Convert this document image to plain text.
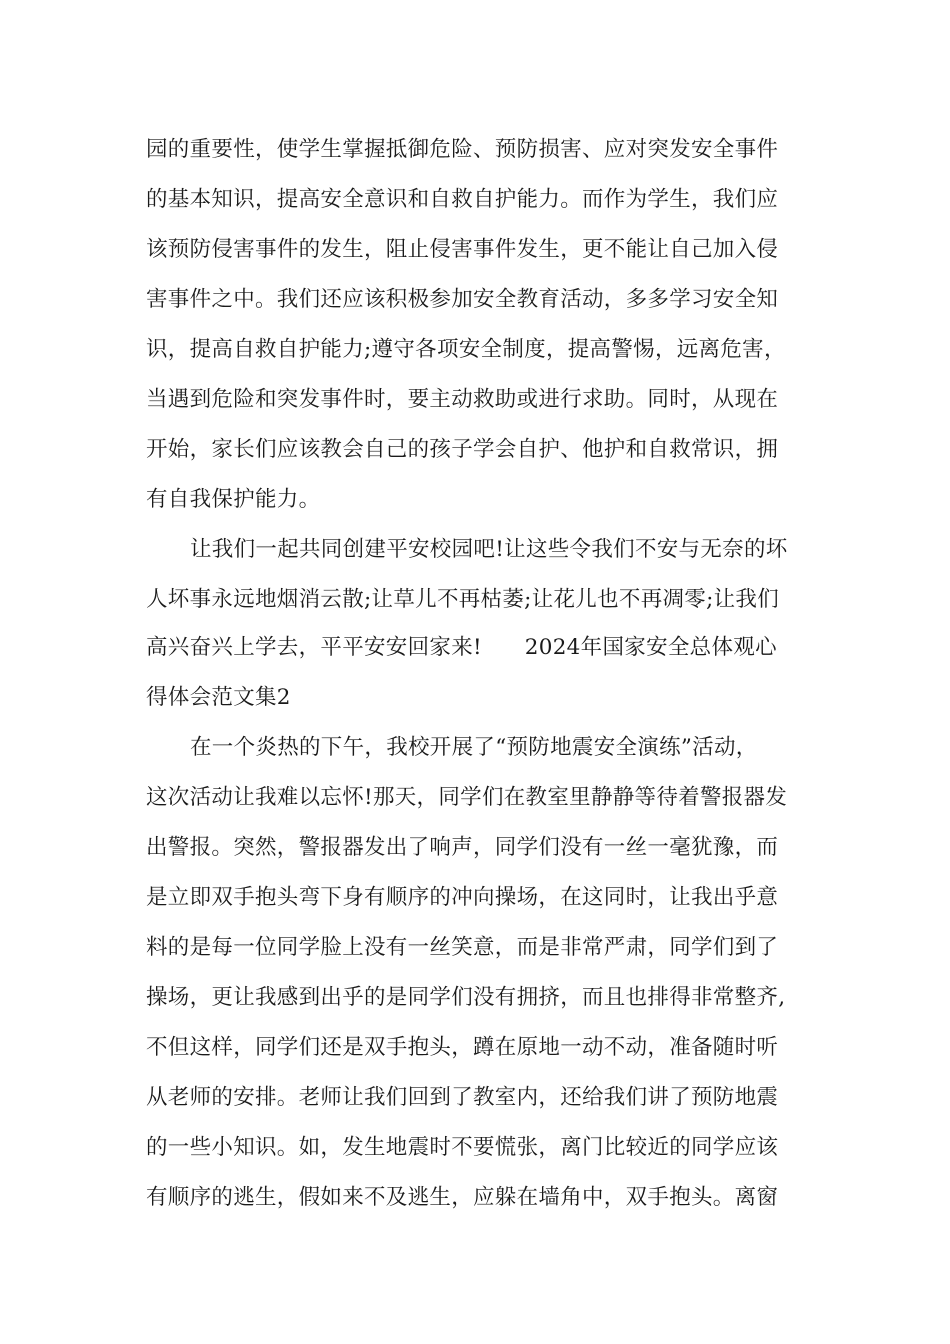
园的重要性，使学生掌握抵御危险、预防损害、应对突发安全事件
的基本知识，提高安全意识和自救自护能力。而作为学生，我们应
该预防侵害事件的发生，阻止侵害事件发生，更不能让自己加入侵
害事件之中。我们还应该积极参加安全教育活动，多多学习安全知
识，提高自救自护能力;遵守各项安全制度，提高警惕，远离危害，
当遇到危险和突发事件时，要主动救助或进行求助。同时，从现在
开始，家长们应该教会自己的孩子学会自护、他护和自救常识，拥
有自我保护能力。
让我们一起共同创建平安校园吧!让这些令我们不安与无奈的坏
人坏事永远地烟消云散;让草儿不再枯萎;让花儿也不再凋零;让我们
高兴奋兴上学去，平平安安回家来!      2024年国家安全总体观心
得体会范文集2
在一个炎热的下午，我校开展了“预防地震安全演练”活动，
这次活动让我难以忘怀!那天，同学们在教室里静静等待着警报器发
出警报。突然，警报器发出了响声，同学们没有一丝一毫犹豫，而
是立即双手抱头弯下身有顺序的冲向操场，在这同时，让我出乎意
料的是每一位同学脸上没有一丝笑意，而是非常严肃，同学们到了
操场，更让我感到出乎的是同学们没有拥挤，而且也排得非常整齐,
不但这样，同学们还是双手抱头，蹲在原地一动不动，准备随时听
从老师的安排。老师让我们回到了教室内，还给我们讲了预防地震
的一些小知识。如，发生地震时不要慌张，离门比较近的同学应该
有顺序的逃生，假如来不及逃生，应躲在墙角中，双手抱头。离窗
